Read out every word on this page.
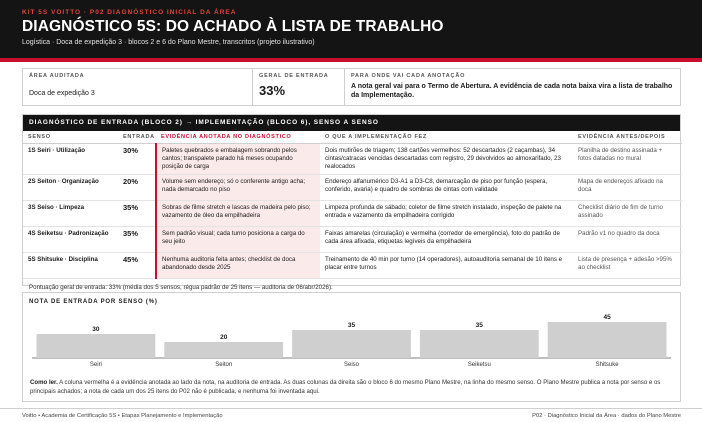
KIT 5S VOITTO · P02 DIAGNÓSTICO INICIAL DA ÁREA
DIAGNÓSTICO 5S: DO ACHADO À LISTA DE TRABALHO
Logística · Doca de expedição 3 · blocos 2 e 6 do Plano Mestre, transcritos (projeto ilustrativo)
ÁREA AUDITADA
Doca de expedição 3
GERAL DE ENTRADA
33%
PARA ONDE VAI CADA ANOTAÇÃO
A nota geral vai para o Termo de Abertura. A evidência de cada nota baixa vira a lista de trabalho da Implementação.
DIAGNÓSTICO DE ENTRADA (BLOCO 2) → IMPLEMENTAÇÃO (BLOCO 6), SENSO A SENSO
SENSO	ENTRADA	EVIDÊNCIA ANOTADA NO DIAGNÓSTICO	O QUE A IMPLEMENTAÇÃO FEZ	EVIDÊNCIA ANTES/DEPOIS
1S Seiri · Utilização	30%	Paletes quebrados e embalagem sobrando pelos cantos; transpalete parado há meses ocupando posição de carga	Dois mutirões de triagem; 138 cartões vermelhos: 52 descartados (2 caçambas), 34 cintas/catracas vencidas descartadas com registro, 29 devolvidos ao almoxarifado, 23 realocados	Planilha de destino assinada + fotos datadas no mural
2S Seiton · Organização	20%	Volume sem endereço; só o conferente antigo acha; nada demarcado no piso	Endereço alfanumérico D3-A1 a D3-C8, demarcação de piso por função (espera, conferido, avaria) e quadro de sombras de cintas com validade	Mapa de endereços afixado na doca
3S Seiso · Limpeza	35%	Sobras de filme stretch e lascas de madeira pelo piso; vazamento de óleo da empilhadeira	Limpeza profunda de sábado; coletor de filme stretch instalado, inspeção de palete na entrada e vazamento da empilhadeira corrigido	Checklist diário de fim de turno assinado
4S Seiketsu · Padronização	35%	Sem padrão visual; cada turno posiciona a carga do seu jeito	Faixas amarelas (circulação) e vermelha (corredor de emergência), foto do padrão de cada área afixada, etiquetas legíveis da empilhadeira	Padrão v1 no quadro da doca
5S Shitsuke · Disciplina	45%	Nenhuma auditoria feita antes; checklist de doca abandonado desde 2025	Treinamento de 40 min por turno (14 operadores), autoauditoria semanal de 10 itens e placar entre turnos	Lista de presença + adesão >95% ao checklist
Pontuação geral de entrada: 33% (média dos 5 sensos, régua padrão de 25 itens — auditoria de 06/abr/2026).
NOTA DE ENTRADA POR SENSO (%)
30
Seiri
20
Seiton
35
Seiso
35
Seiketsu
45
Shitsuke
Como ler. A coluna vermelha é a evidência anotada ao lado da nota, na auditoria de entrada. As duas colunas da direita são o bloco 6 do mesmo Plano Mestre, na linha do mesmo senso. O Plano Mestre publica a nota por senso e os principais achados; a nota de cada um dos 25 itens do P02 não é publicada, e nenhuma foi inventada aqui.
Voitto • Academia de Certificação 5S • Etapas Planejamento e Implementação	P02 · Diagnóstico Inicial da Área · dados do Plano Mestre
